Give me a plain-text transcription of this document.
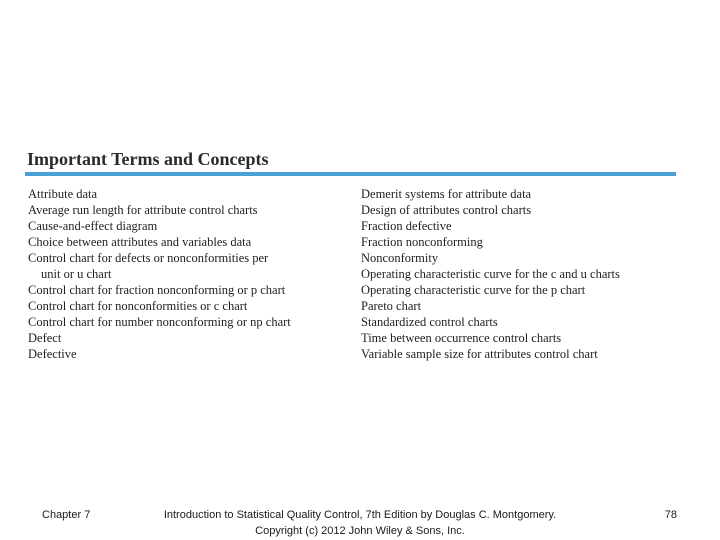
Important Terms and Concepts
Attribute data
Average run length for attribute control charts
Cause-and-effect diagram
Choice between attributes and variables data
Control chart for defects or nonconformities per
unit or u chart
Control chart for fraction nonconforming or p chart
Control chart for nonconformities or c chart
Control chart for number nonconforming or np chart
Defect
Defective
Demerit systems for attribute data
Design of attributes control charts
Fraction defective
Fraction nonconforming
Nonconformity
Operating characteristic curve for the c and u charts
Operating characteristic curve for the p chart
Pareto chart
Standardized control charts
Time between occurrence control charts
Variable sample size for attributes control chart
Chapter 7	Introduction to Statistical Quality Control, 7th Edition by Douglas C. Montgomery.
Copyright (c) 2012 John Wiley & Sons, Inc.
78
